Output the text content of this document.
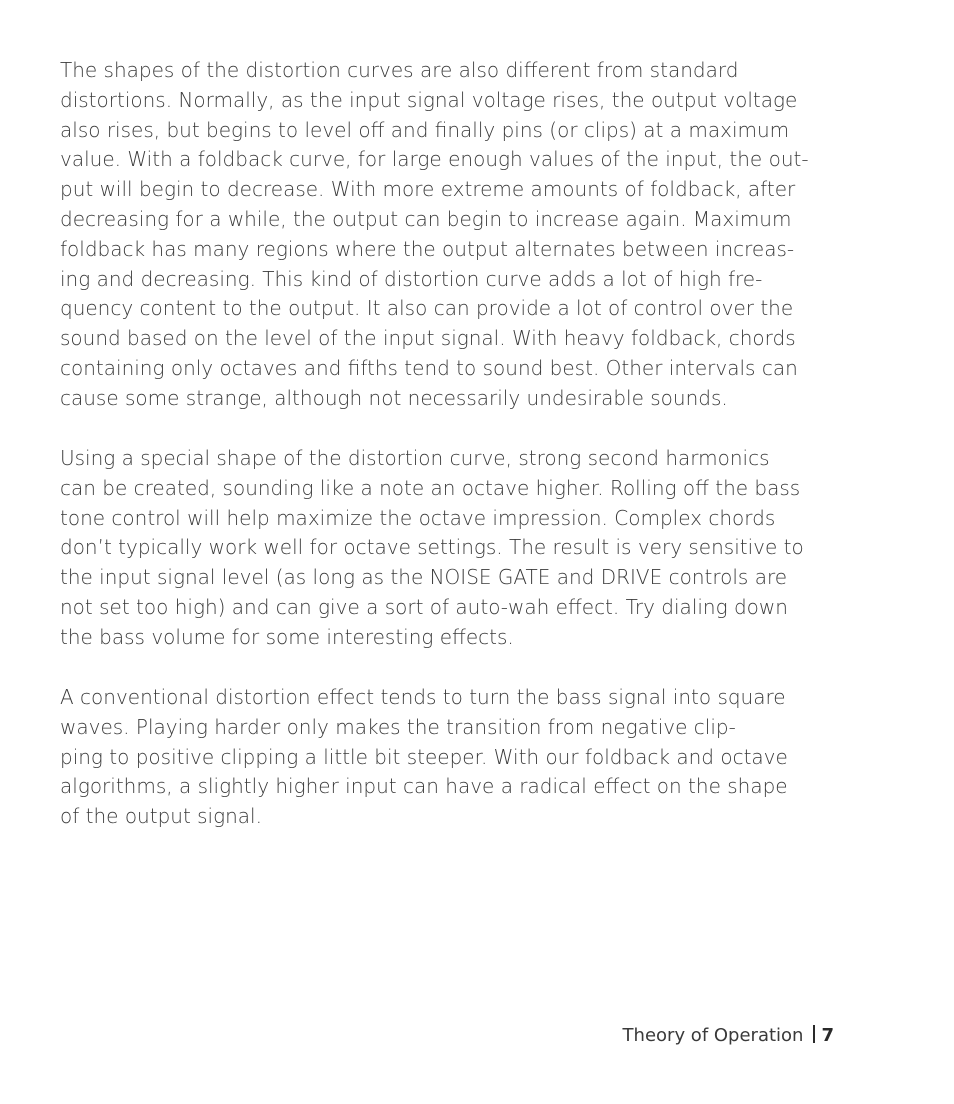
The shapes of the distortion curves are also different from standard
distortions. Normally, as the input signal voltage rises, the output voltage
also rises, but begins to level off and finally pins (or clips) at a maximum
value. With a foldback curve, for large enough values of the input, the out-
put will begin to decrease. With more extreme amounts of foldback, after
decreasing for a while, the output can begin to increase again. Maximum
foldback has many regions where the output alternates between increas-
ing and decreasing. This kind of distortion curve adds a lot of high fre-
quency content to the output. It also can provide a lot of control over the
sound based on the level of the input signal. With heavy foldback, chords
containing only octaves and fifths tend to sound best. Other intervals can
cause some strange, although not necessarily undesirable sounds.

Using a special shape of the distortion curve, strong second harmonics
can be created, sounding like a note an octave higher. Rolling off the bass
tone control will help maximize the octave impression. Complex chords
don’t typically work well for octave settings. The result is very sensitive to
the input signal level (as long as the NOISE GATE and DRIVE controls are
not set too high) and can give a sort of auto-wah effect. Try dialing down
the bass volume for some interesting effects.

A conventional distortion effect tends to turn the bass signal into square
waves. Playing harder only makes the transition from negative clip-
ping to positive clipping a little bit steeper. With our foldback and octave
algorithms, a slightly higher input can have a radical effect on the shape
of the output signal.

Theory of Operation 7
